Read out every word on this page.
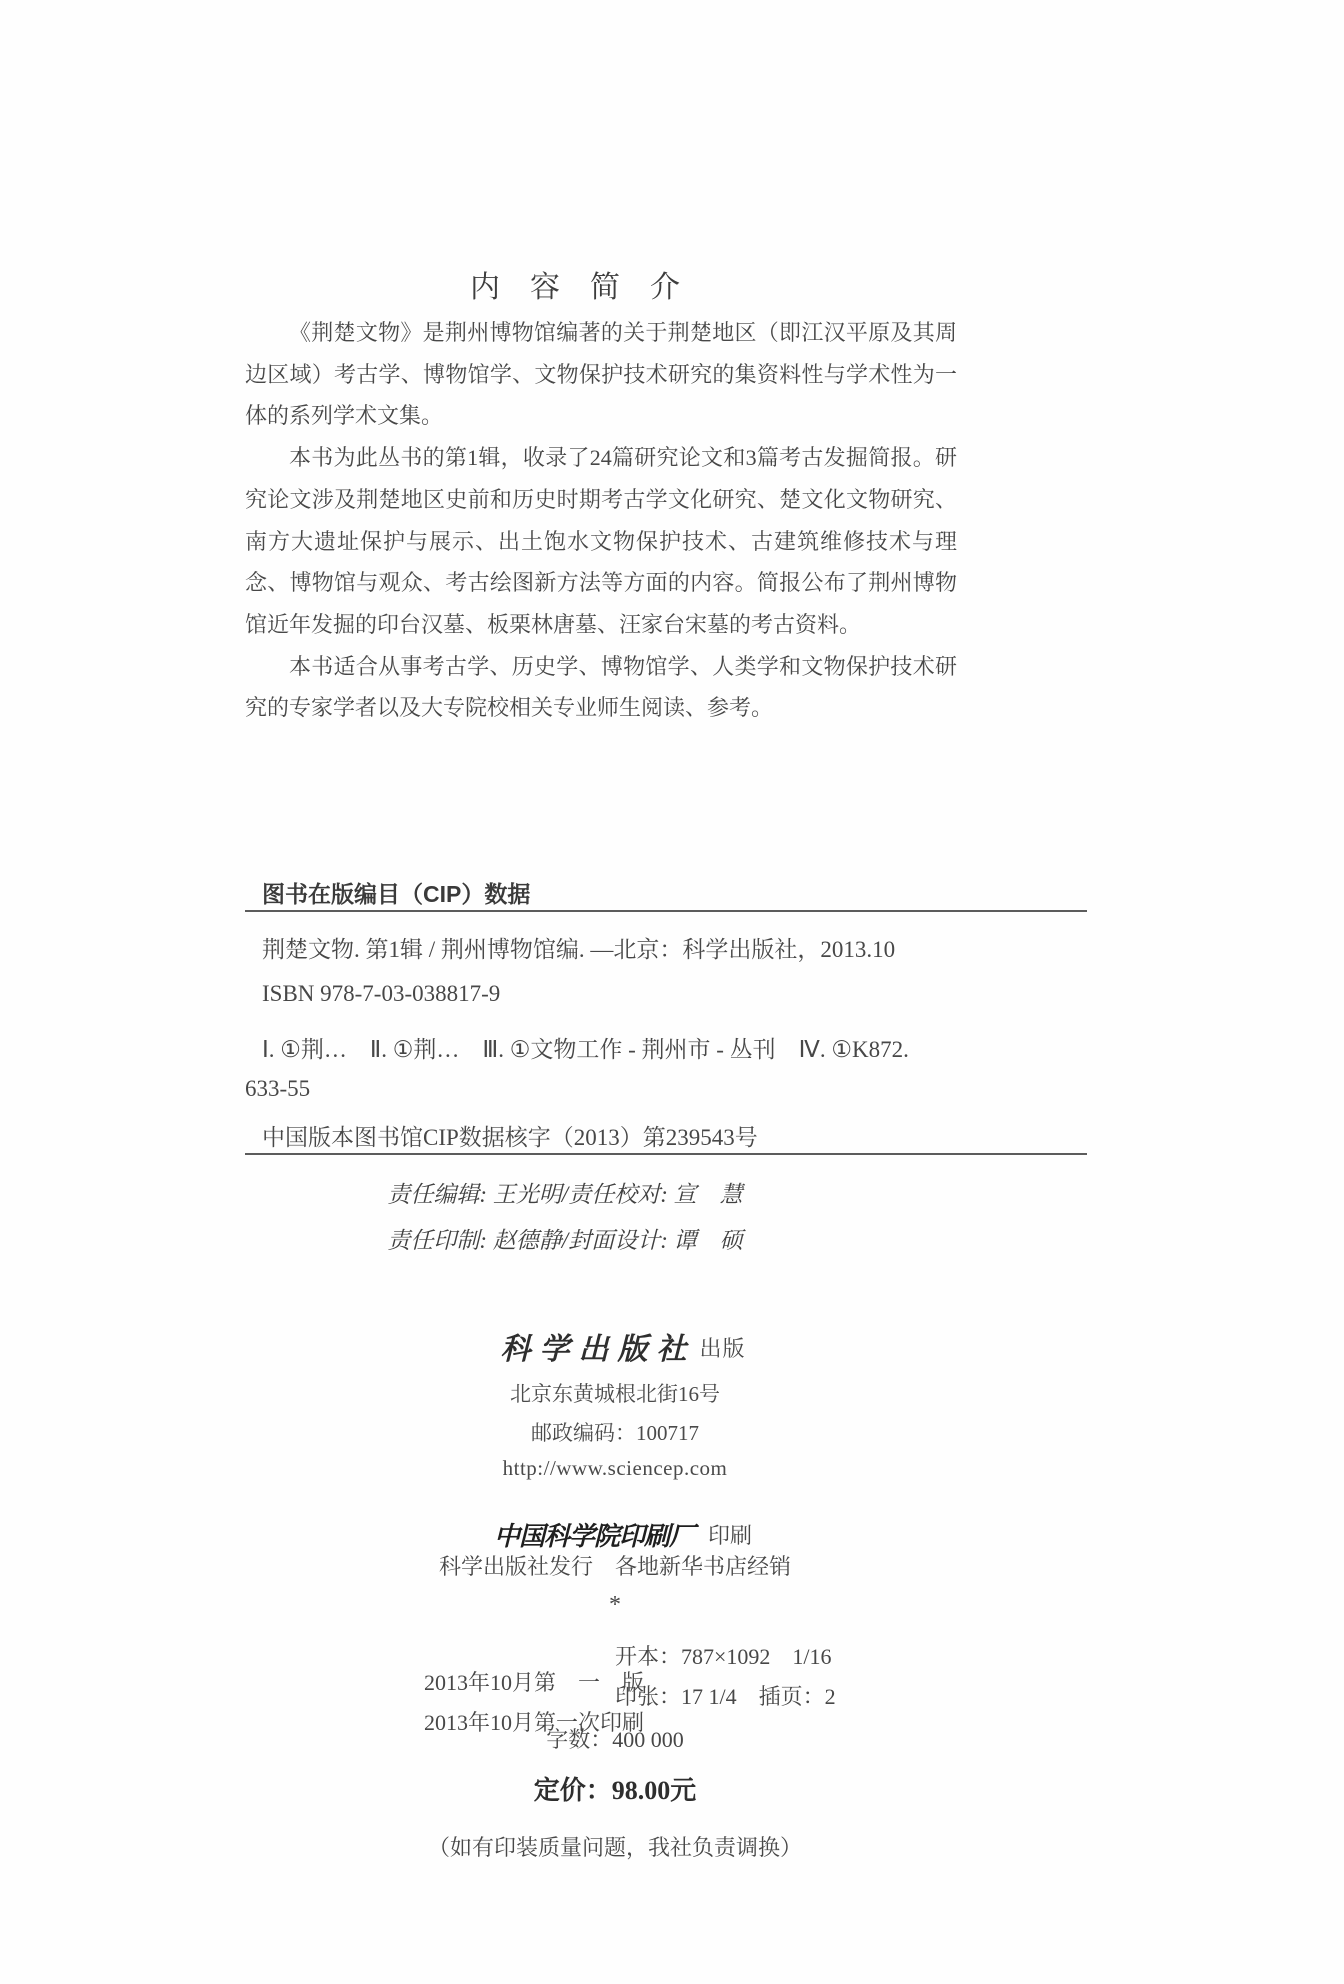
内　容　简　介

《荆楚文物》是荆州博物馆编著的关于荆楚地区（即江汉平原及其周边区域）考古学、博物馆学、文物保护技术研究的集资料性与学术性为一体的系列学术文集。

本书为此丛书的第1辑，收录了24篇研究论文和3篇考古发掘简报。研究论文涉及荆楚地区史前和历史时期考古学文化研究、楚文化文物研究、南方大遗址保护与展示、出土饱水文物保护技术、古建筑维修技术与理念、博物馆与观众、考古绘图新方法等方面的内容。简报公布了荆州博物馆近年发掘的印台汉墓、板栗林唐墓、汪家台宋墓的考古资料。

本书适合从事考古学、历史学、博物馆学、人类学和文物保护技术研究的专家学者以及大专院校相关专业师生阅读、参考。

图书在版编目（CIP）数据
荆楚文物. 第1辑 / 荆州博物馆编. —北京：科学出版社，2013.10
ISBN 978-7-03-038817-9
Ⅰ. ①荆…　Ⅱ. ①荆…　Ⅲ. ①文物工作 - 荆州市 - 丛刊　Ⅳ. ①K872.
633-55
中国版本图书馆CIP数据核字（2013）第239543号
责任编辑: 王光明/责任校对: 宣　慧
责任印制: 赵德静/封面设计: 谭　硕

科学出版社 出版

北京东黄城根北街16号
邮政编码：100717
http://www.sciencep.com

中国科学院印刷厂 印刷

科学出版社发行　各地新华书店经销
*

2013年10月第　一　版

开本：787×1092　1/16

2013年10月第一次印刷

印张：17 1/4　插页：2

字数：400 000
定价：98.00元
（如有印装质量问题，我社负责调换）
